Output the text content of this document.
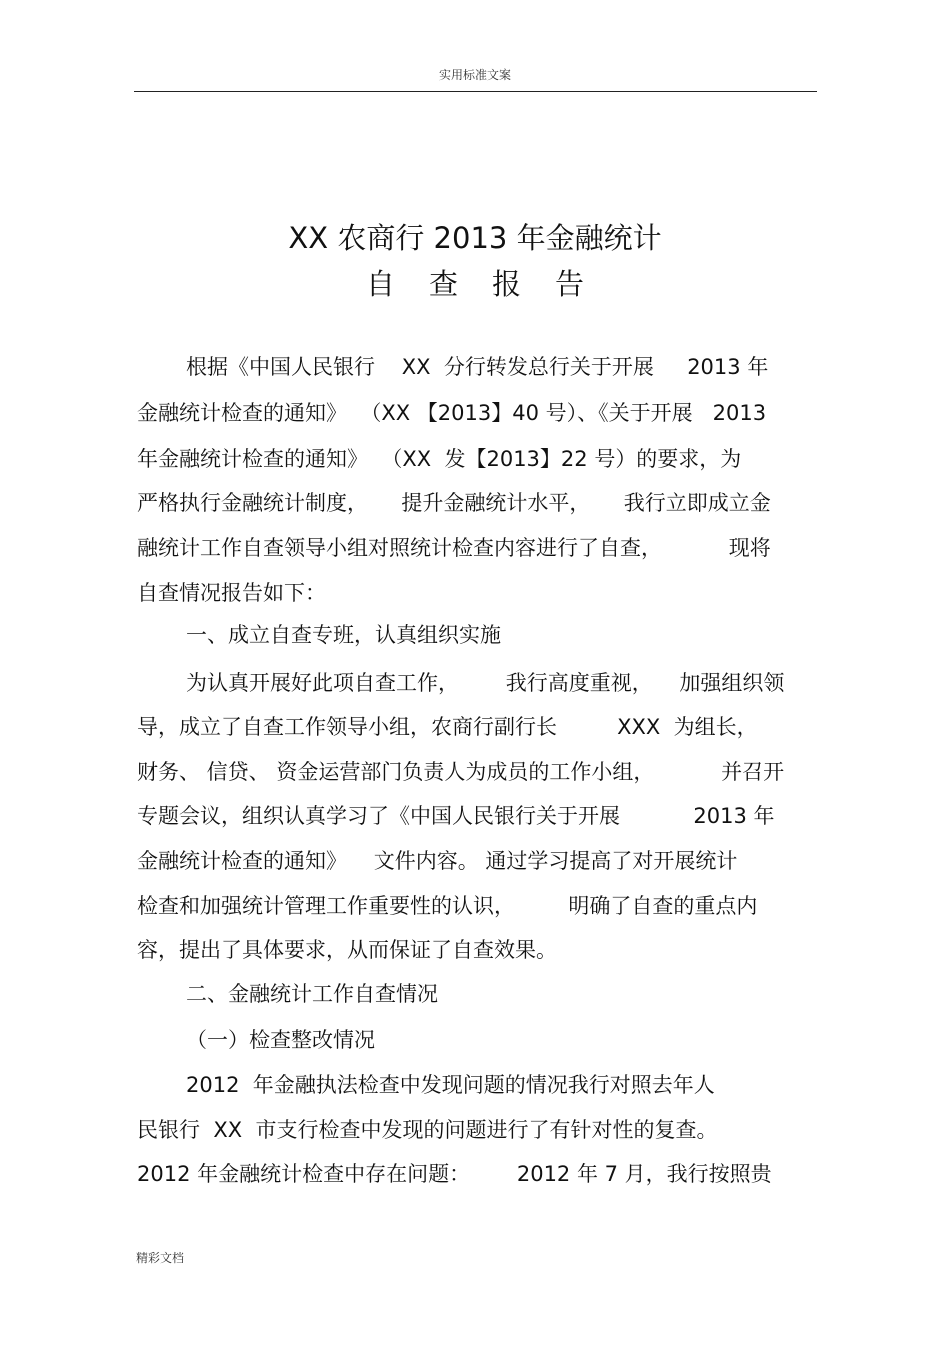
实用标准文案
XX 农商行 2013 年金融统计
自查报告
根据《中国人民银行    XX  分行转发总行关于开展     2013 年
金融统计检查的通知》  （XX 【2013】40 号）、《关于开展   2013
年金融统计检查的通知》  （XX  发【2013】22 号）的要求，为
严格执行金融统计制度，     提升金融统计水平，     我行立即成立金
融统计工作自查领导小组对照统计检查内容进行了自查，          现将
自查情况报告如下：
一、成立自查专班，认真组织实施
为认真开展好此项自查工作，       我行高度重视，    加强组织领
导，成立了自查工作领导小组，农商行副行长         XXX  为组长，
财务、 信贷、 资金运营部门负责人为成员的工作小组，          并召开
专题会议，组织认真学习了《中国人民银行关于开展           2013 年
金融统计检查的通知》    文件内容。 通过学习提高了对开展统计
检查和加强统计管理工作重要性的认识，        明确了自查的重点内
容，提出了具体要求，从而保证了自查效果。
二、金融统计工作自查情况
（一）检查整改情况
2012  年金融执法检查中发现问题的情况我行对照去年人
民银行  XX  市支行检查中发现的问题进行了有针对性的复查。
2012 年金融统计检查中存在问题：       2012 年 7 月，我行按照贵
精彩文档
